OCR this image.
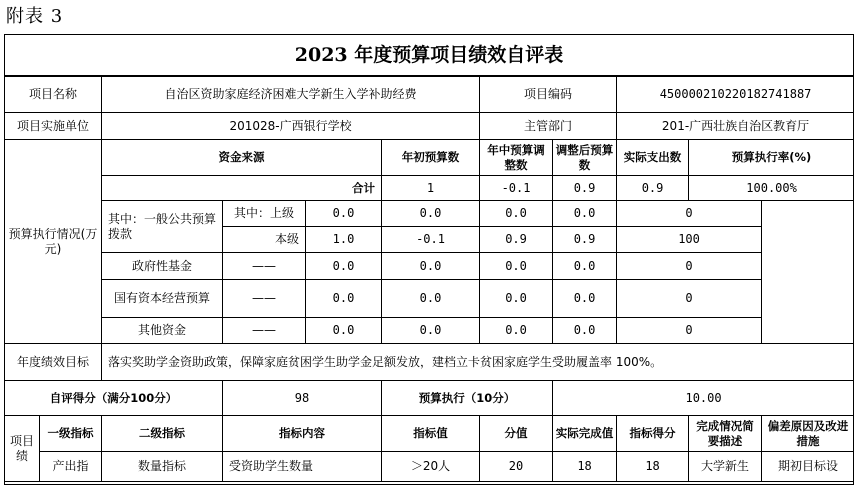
附表 3
2023 年度预算项目绩效自评表
项目名称		自治区资助家庭经济困难大学新生入学补助经费				项目编码		450000210220182741887		
项目实施单位		201028-广西银行学校				主管部门		201-广西壮族自治区教育厅		
预算执行情况(万元)		资金来源			年初预算数	年中预算调整数	调整后预算数	实际支出数	预算执行率(%)	
		合计			1	-0.1	0.9	0.9	100.00%	
		其中：一般公共预算拨款	其中：上级	0.0	0.0	0.0	0.0	0		
			本级	1.0	-0.1	0.9	0.9	100		
		政府性基金	——	0.0	0.0	0.0	0.0	0		
		国有资本经营预算	——	0.0	0.0	0.0	0.0	0		
		其他资金	——	0.0	0.0	0.0	0.0	0		
年度绩效目标		落实奖助学金资助政策，保障家庭贫困学生助学金足额发放，建档立卡贫困家庭学生受助履盖率 100%。								
自评得分（满分100分）			98		预算执行（10分）		10.00			
项目绩	一级指标	二级指标	指标内容		指标值	分值	实际完成值	指标得分	完成情况简要描述	偏差原因及改进措施
	产出指	数量指标	受资助学生数量		＞20人	20	18	18	大学新生	期初目标设
